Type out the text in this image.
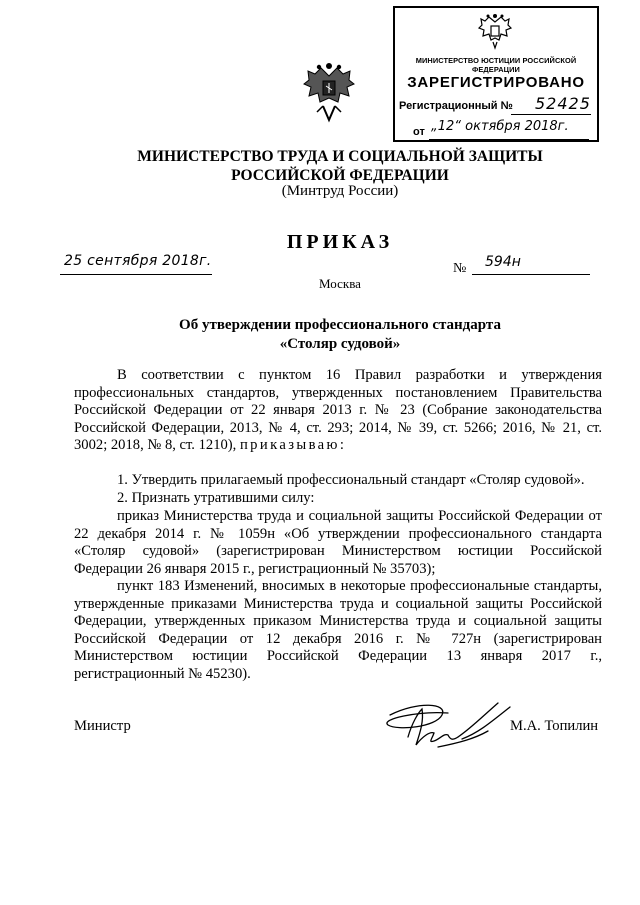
МИНИСТЕРСТВО ЮСТИЦИИ РОССИЙСКОЙ ФЕДЕРАЦИИ
ЗАРЕГИСТРИРОВАНО
Регистрационный № 52425
от „12“ октября 2018г.
МИНИСТЕРСТВО ТРУДА И СОЦИАЛЬНОЙ ЗАЩИТЫ
РОССИЙСКОЙ ФЕДЕРАЦИИ
(Минтруд России)
ПРИКАЗ
25 сентября 2018г.	№ 594н
Москва
Об утверждении профессионального стандарта
«Столяр судовой»
В соответствии с пунктом 16 Правил разработки и утверждения профессиональных стандартов, утвержденных постановлением Правительства Российской Федерации от 22 января 2013 г. № 23 (Собрание законодательства Российской Федерации, 2013, № 4, ст. 293; 2014, № 39, ст. 5266; 2016, № 21, ст. 3002; 2018, № 8, ст. 1210), приказываю:
1. Утвердить прилагаемый профессиональный стандарт «Столяр судовой».
2. Признать утратившими силу:
приказ Министерства труда и социальной защиты Российской Федерации от 22 декабря 2014 г. № 1059н «Об утверждении профессионального стандарта «Столяр судовой» (зарегистрирован Министерством юстиции Российской Федерации 26 января 2015 г., регистрационный № 35703);
пункт 183 Изменений, вносимых в некоторые профессиональные стандарты, утвержденные приказами Министерства труда и социальной защиты Российской Федерации, утвержденных приказом Министерства труда и социальной защиты Российской Федерации от 12 декабря 2016 г. № 727н (зарегистрирован Министерством юстиции Российской Федерации 13 января 2017 г., регистрационный № 45230).
Министр	М.А. Топилин
